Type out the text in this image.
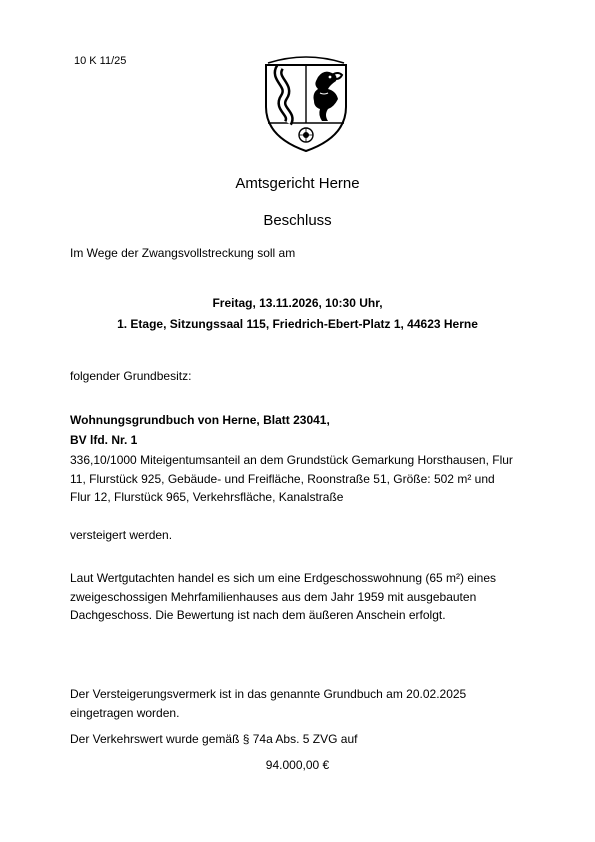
10 K 11/25
Amtsgericht Herne
Beschluss
Im Wege der Zwangsvollstreckung soll am
Freitag, 13.11.2026, 10:30 Uhr,
1. Etage, Sitzungssaal 115, Friedrich-Ebert-Platz 1, 44623 Herne
folgender Grundbesitz:
Wohnungsgrundbuch von Herne, Blatt 23041,
BV lfd. Nr. 1
336,10/1000 Miteigentumsanteil an dem Grundstück Gemarkung Horsthausen, Flur
11, Flurstück 925, Gebäude- und Freifläche, Roonstraße 51, Größe: 502 m² und
Flur 12, Flurstück 965, Verkehrsfläche, Kanalstraße
versteigert werden.
Laut Wertgutachten handel es sich um eine Erdgeschosswohnung (65 m²) eines
zweigeschossigen Mehrfamilienhauses aus dem Jahr 1959 mit ausgebauten
Dachgeschoss. Die Bewertung ist nach dem äußeren Anschein erfolgt.
Der Versteigerungsvermerk ist in das genannte Grundbuch am 20.02.2025
eingetragen worden.
Der Verkehrswert wurde gemäß § 74a Abs. 5 ZVG auf
94.000,00 €
